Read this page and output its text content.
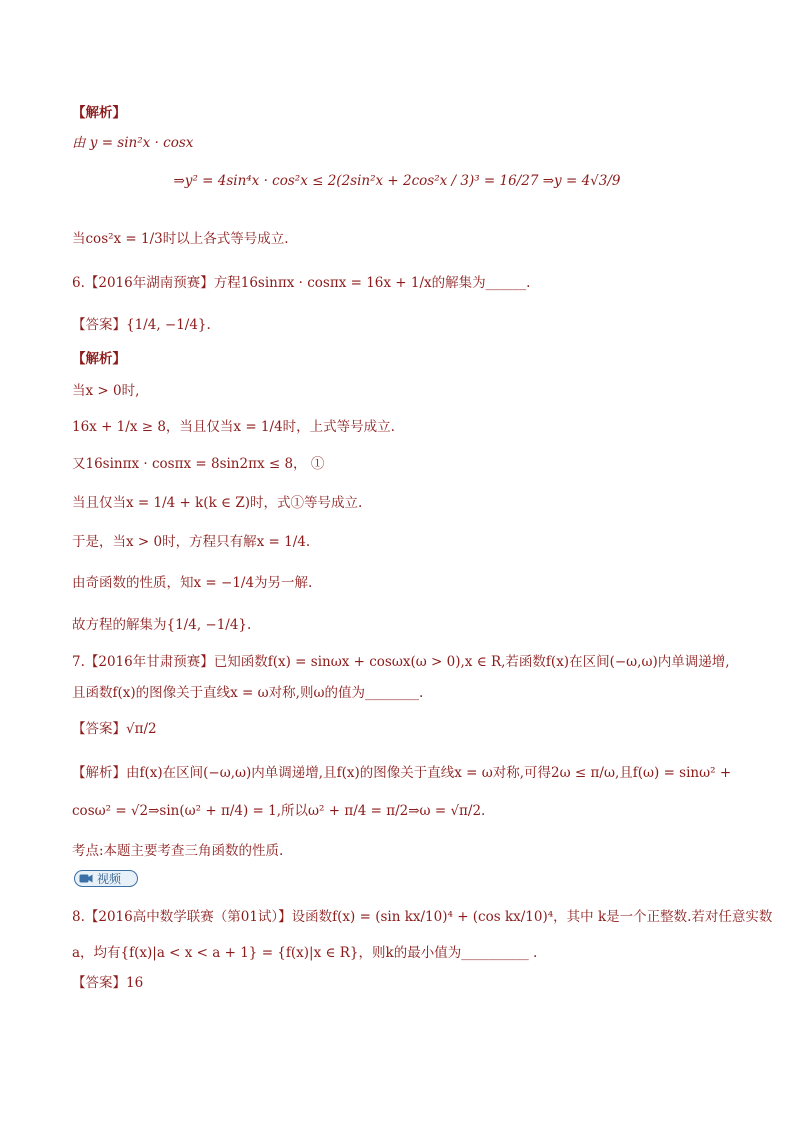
【解析】
由 y = sin²x · cosx
⇒y² = 4sin⁴x · cos²x ≤ 2(2sin²x + 2cos²x / 3)³ = 16/27 ⇒y = 4√3/9
当cos²x = 1/3时以上各式等号成立.
6.【2016年湖南预赛】方程16sinπx · cosπx = 16x + 1/x的解集为______.
【答案】{1/4, −1/4}.
【解析】
当x > 0时,
16x + 1/x ≥ 8，当且仅当x = 1/4时，上式等号成立.
又16sinπx · cosπx = 8sin2πx ≤ 8， ①
当且仅当x = 1/4 + k(k ∈ Z)时，式①等号成立.
于是，当x > 0时，方程只有解x = 1/4.
由奇函数的性质，知x = −1/4为另一解.
故方程的解集为{1/4, −1/4}.
7.【2016年甘肃预赛】已知函数f(x) = sinωx + cosωx(ω > 0),x ∈ R,若函数f(x)在区间(−ω,ω)内单调递增,
且函数f(x)的图像关于直线x = ω对称,则ω的值为________.
【答案】√π/2
【解析】由f(x)在区间(−ω,ω)内单调递增,且f(x)的图像关于直线x = ω对称,可得2ω ≤ π/ω,且f(ω) = sinω² +
cosω² = √2⇒sin(ω² + π/4) = 1,所以ω² + π/4 = π/2⇒ω = √π/2.
考点:本题主要考查三角函数的性质.
视频
8.【2016高中数学联赛（第01试）】设函数f(x) = (sin kx/10)⁴ + (cos kx/10)⁴，其中 k是一个正整数.若对任意实数
a，均有{f(x)|a < x < a + 1} = {f(x)|x ∈ R}，则k的最小值为__________ .
【答案】16
